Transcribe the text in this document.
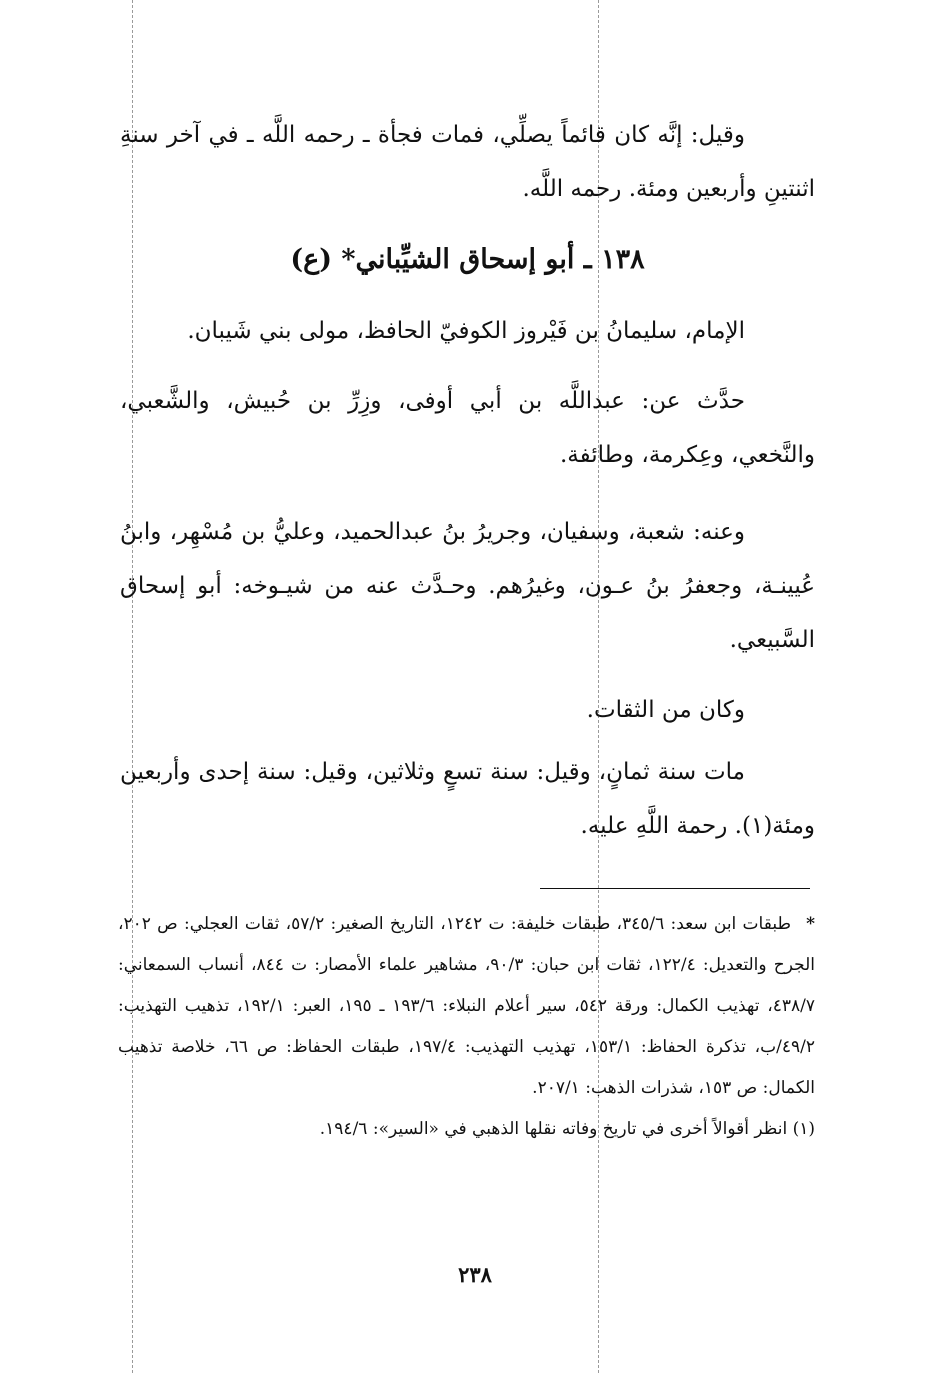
وقيل: إنَّه كان قائماً يصلِّي، فمات فجأة ـ رحمه اللَّه ـ في آخر سنةِ اثنتينِ وأربعين ومئة. رحمه اللَّه.

١٣٨ ـ أبو إسحاق الشيِّباني* (ع)

الإمام، سليمانُ بن فَيْروز الكوفيّ الحافظ، مولى بني شَيبان.

حدَّث عن: عبداللَّه بن أبي أوفى، وزِرِّ بن حُبيش، والشَّعبي، والنَّخعي، وعِكرمة، وطائفة.

وعنه: شعبة، وسفيان، وجريرُ بنُ عبدالحميد، وعليُّ بن مُسْهِر، وابنُ عُيينـة، وجعفرُ بنُ عـون، وغيرُهم. وحـدَّث عنه من شيـوخه: أبو إسحاق السَّبيعي.

وكان من الثقات.

مات سنة ثمانٍ، وقيل: سنة تسعٍ وثلاثين، وقيل: سنة إحدى وأربعين ومئة(١). رحمة اللَّهِ عليه.

*طبقات ابن سعد: ٣٤٥/٦، طبقات خليفة: ت ١٢٤٢، التاريخ الصغير: ٥٧/٢، ثقات العجلي: ص ٢٠٢، الجرح والتعديل: ١٢٢/٤، ثقات ابن حبان: ٩٠/٣، مشاهير علماء الأمصار: ت ٨٤٤، أنساب السمعاني: ٤٣٨/٧، تهذيب الكمال: ورقة ٥٤٢، سير أعلام النبلاء: ١٩٣/٦ ـ ١٩٥، العبر: ١٩٢/١، تذهيب التهذيب: ٤٩/٢/ب، تذكرة الحفاظ: ١٥٣/١، تهذيب التهذيب: ١٩٧/٤، طبقات الحفاظ: ص ٦٦، خلاصة تذهيب الكمال: ص ١٥٣، شذرات الذهب: ٢٠٧/١.

(١) انظر أقوالاً أخرى في تاريخ وفاته نقلها الذهبي في «السير»: ١٩٤/٦.

٢٣٨
